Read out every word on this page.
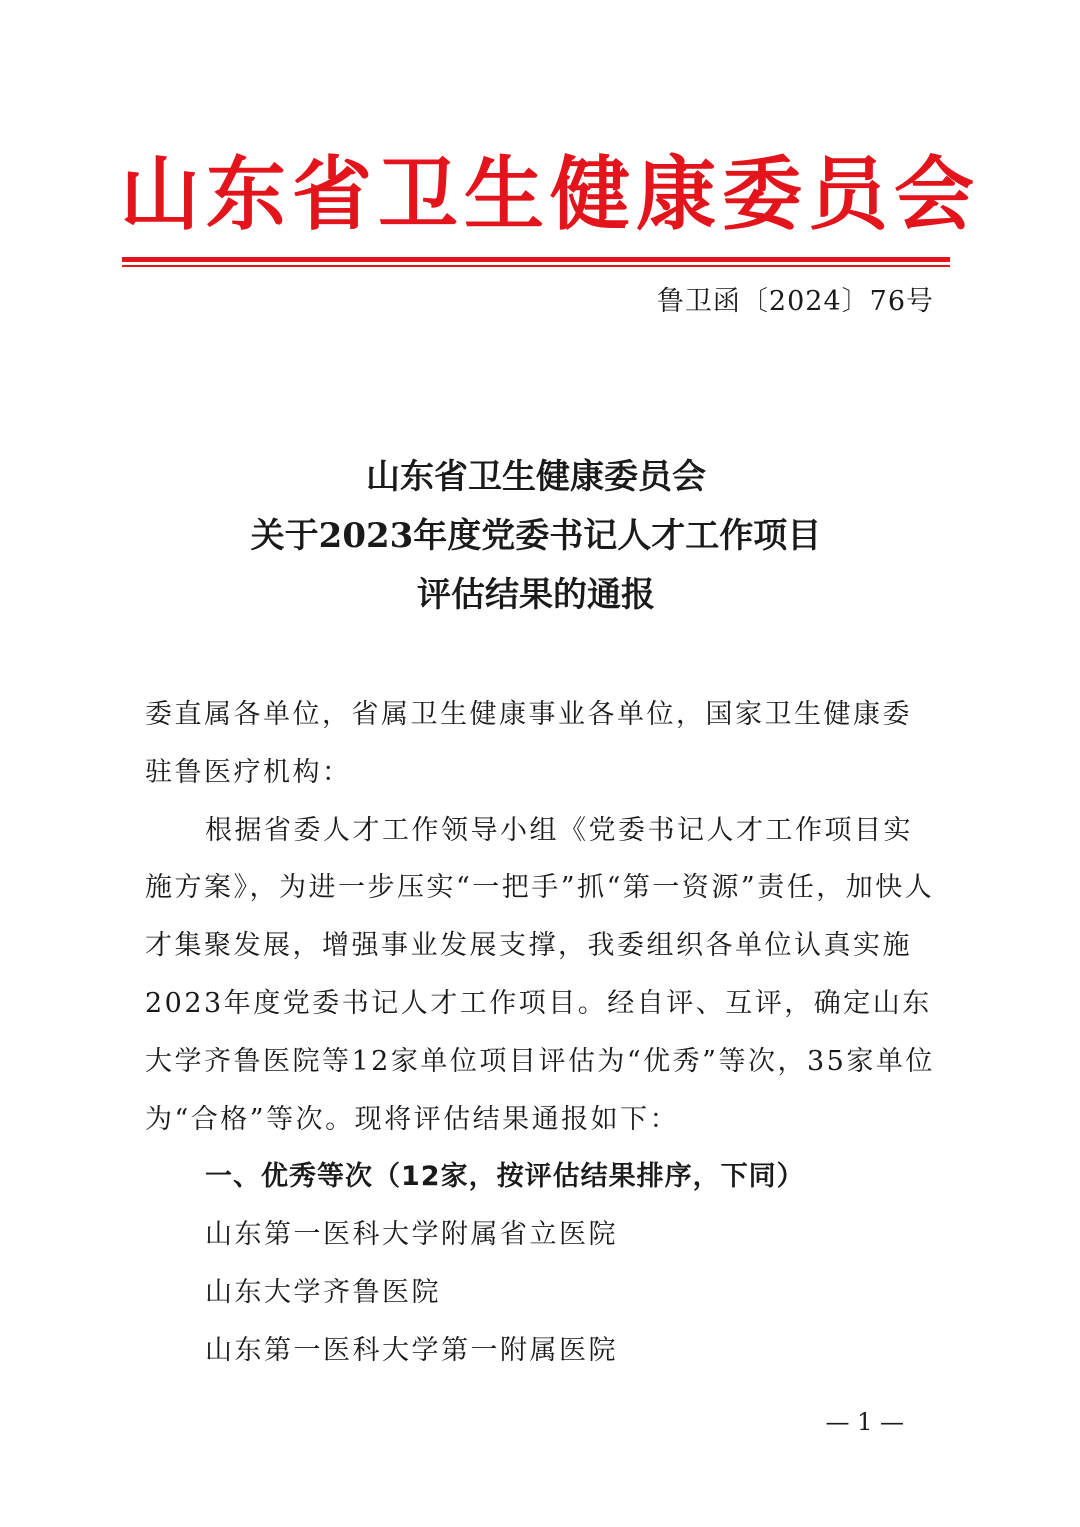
山东省卫生健康委员会
鲁卫函〔2024〕76号
山东省卫生健康委员会
关于2023年度党委书记人才工作项目
评估结果的通报

委直属各单位，省属卫生健康事业各单位，国家卫生健康委驻鲁医疗机构：

根据省委人才工作领导小组《党委书记人才工作项目实施方案》，为进一步压实“一把手”抓“第一资源”责任，加快人才集聚发展，增强事业发展支撑，我委组织各单位认真实施2023年度党委书记人才工作项目。经自评、互评，确定山东大学齐鲁医院等12家单位项目评估为“优秀”等次，35家单位为“合格”等次。现将评估结果通报如下：

一、优秀等次（12家，按评估结果排序，下同）

山东第一医科大学附属省立医院

山东大学齐鲁医院

山东第一医科大学第一附属医院

— 1 —
